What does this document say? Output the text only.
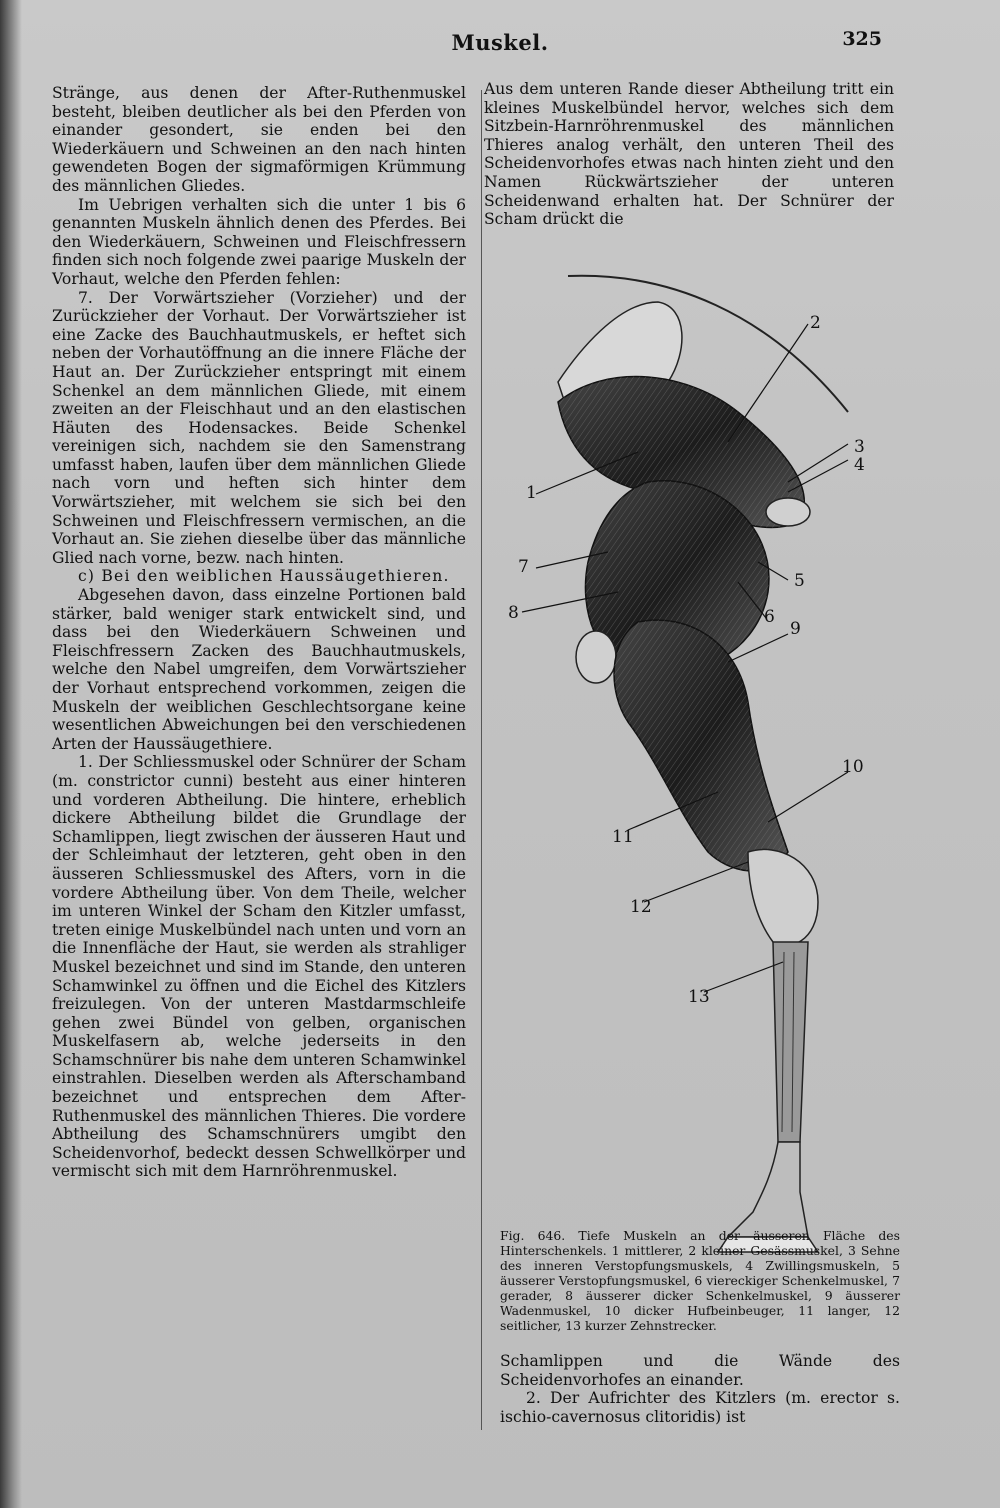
Muskel.	325

Stränge, aus denen der After-Ruthenmuskel besteht, bleiben deutlicher als bei den Pferden von einander gesondert, sie enden bei den Wiederkäuern und Schweinen an den nach hinten gewendeten Bogen der sigmaförmigen Krümmung des männlichen Gliedes.

Im Uebrigen verhalten sich die unter 1 bis 6 genannten Muskeln ähnlich denen des Pferdes. Bei den Wiederkäuern, Schweinen und Fleischfressern finden sich noch folgende zwei paarige Muskeln der Vorhaut, welche den Pferden fehlen:

7. Der Vorwärtszieher (Vorzieher) und der Zurückzieher der Vorhaut. Der Vorwärtszieher ist eine Zacke des Bauchhautmuskels, er heftet sich neben der Vorhautöffnung an die innere Fläche der Haut an. Der Zurückzieher entspringt mit einem Schenkel an dem männlichen Gliede, mit einem zweiten an der Fleischhaut und an den elastischen Häuten des Hodensackes. Beide Schenkel vereinigen sich, nachdem sie den Samenstrang umfasst haben, laufen über dem männlichen Gliede nach vorn und heften sich hinter dem Vorwärtszieher, mit welchem sie sich bei den Schweinen und Fleischfressern vermischen, an die Vorhaut an. Sie ziehen dieselbe über das männliche Glied nach vorne, bezw. nach hinten.

c) Bei den weiblichen Haussäugethieren.

Abgesehen davon, dass einzelne Portionen bald stärker, bald weniger stark entwickelt sind, und dass bei den Wiederkäuern Schweinen und Fleischfressern Zacken des Bauchhautmuskels, welche den Nabel umgreifen, dem Vorwärtszieher der Vorhaut entsprechend vorkommen, zeigen die Muskeln der weiblichen Geschlechtsorgane keine wesentlichen Abweichungen bei den verschiedenen Arten der Haussäugethiere.

1. Der Schliessmuskel oder Schnürer der Scham (m. constrictor cunni) besteht aus einer hinteren und vorderen Abtheilung. Die hintere, erheblich dickere Abtheilung bildet die Grundlage der Schamlippen, liegt zwischen der äusseren Haut und der Schleimhaut der letzteren, geht oben in den äusseren Schliessmuskel des Afters, vorn in die vordere Abtheilung über. Von dem Theile, welcher im unteren Winkel der Scham den Kitzler umfasst, treten einige Muskelbündel nach unten und vorn an die Innenfläche der Haut, sie werden als strahliger Muskel bezeichnet und sind im Stande, den unteren Schamwinkel zu öffnen und die Eichel des Kitzlers freizulegen. Von der unteren Mastdarmschleife gehen zwei Bündel von gelben, organischen Muskelfasern ab, welche jederseits in den Schamschnürer bis nahe dem unteren Schamwinkel einstrahlen. Dieselben werden als Afterschamband bezeichnet und entsprechen dem After-Ruthenmuskel des männlichen Thieres. Die vordere Abtheilung des Schamschnürers umgibt den Scheidenvorhof, bedeckt dessen Schwellkörper und vermischt sich mit dem Harnröhrenmuskel.

Aus dem unteren Rande dieser Abtheilung tritt ein kleines Muskelbündel hervor, welches sich dem Sitzbein-Harnröhrenmuskel des männlichen Thieres analog verhält, den unteren Theil des Scheidenvorhofes etwas nach hinten zieht und den Namen Rückwärtszieher der unteren Scheidenwand erhalten hat. Der Schnürer der Scham drückt die

1
2
3
4
5
6
7
8
9
10
11
12
13
Fig. 646. Tiefe Muskeln an der äusseren Fläche des Hinterschenkels. 1 mittlerer, 2 kleiner Gesässmuskel, 3 Sehne des inneren Verstopfungsmuskels, 4 Zwillingsmuskeln, 5 äusserer Verstopfungsmuskel, 6 viereckiger Schenkelmuskel, 7 gerader, 8 äusserer dicker Schenkelmuskel, 9 äusserer Wadenmuskel, 10 dicker Hufbeinbeuger, 11 langer, 12 seitlicher, 13 kurzer Zehnstrecker.

Schamlippen und die Wände des Scheidenvorhofes an einander.

2. Der Aufrichter des Kitzlers (m. erector s. ischio-cavernosus clitoridis) ist
